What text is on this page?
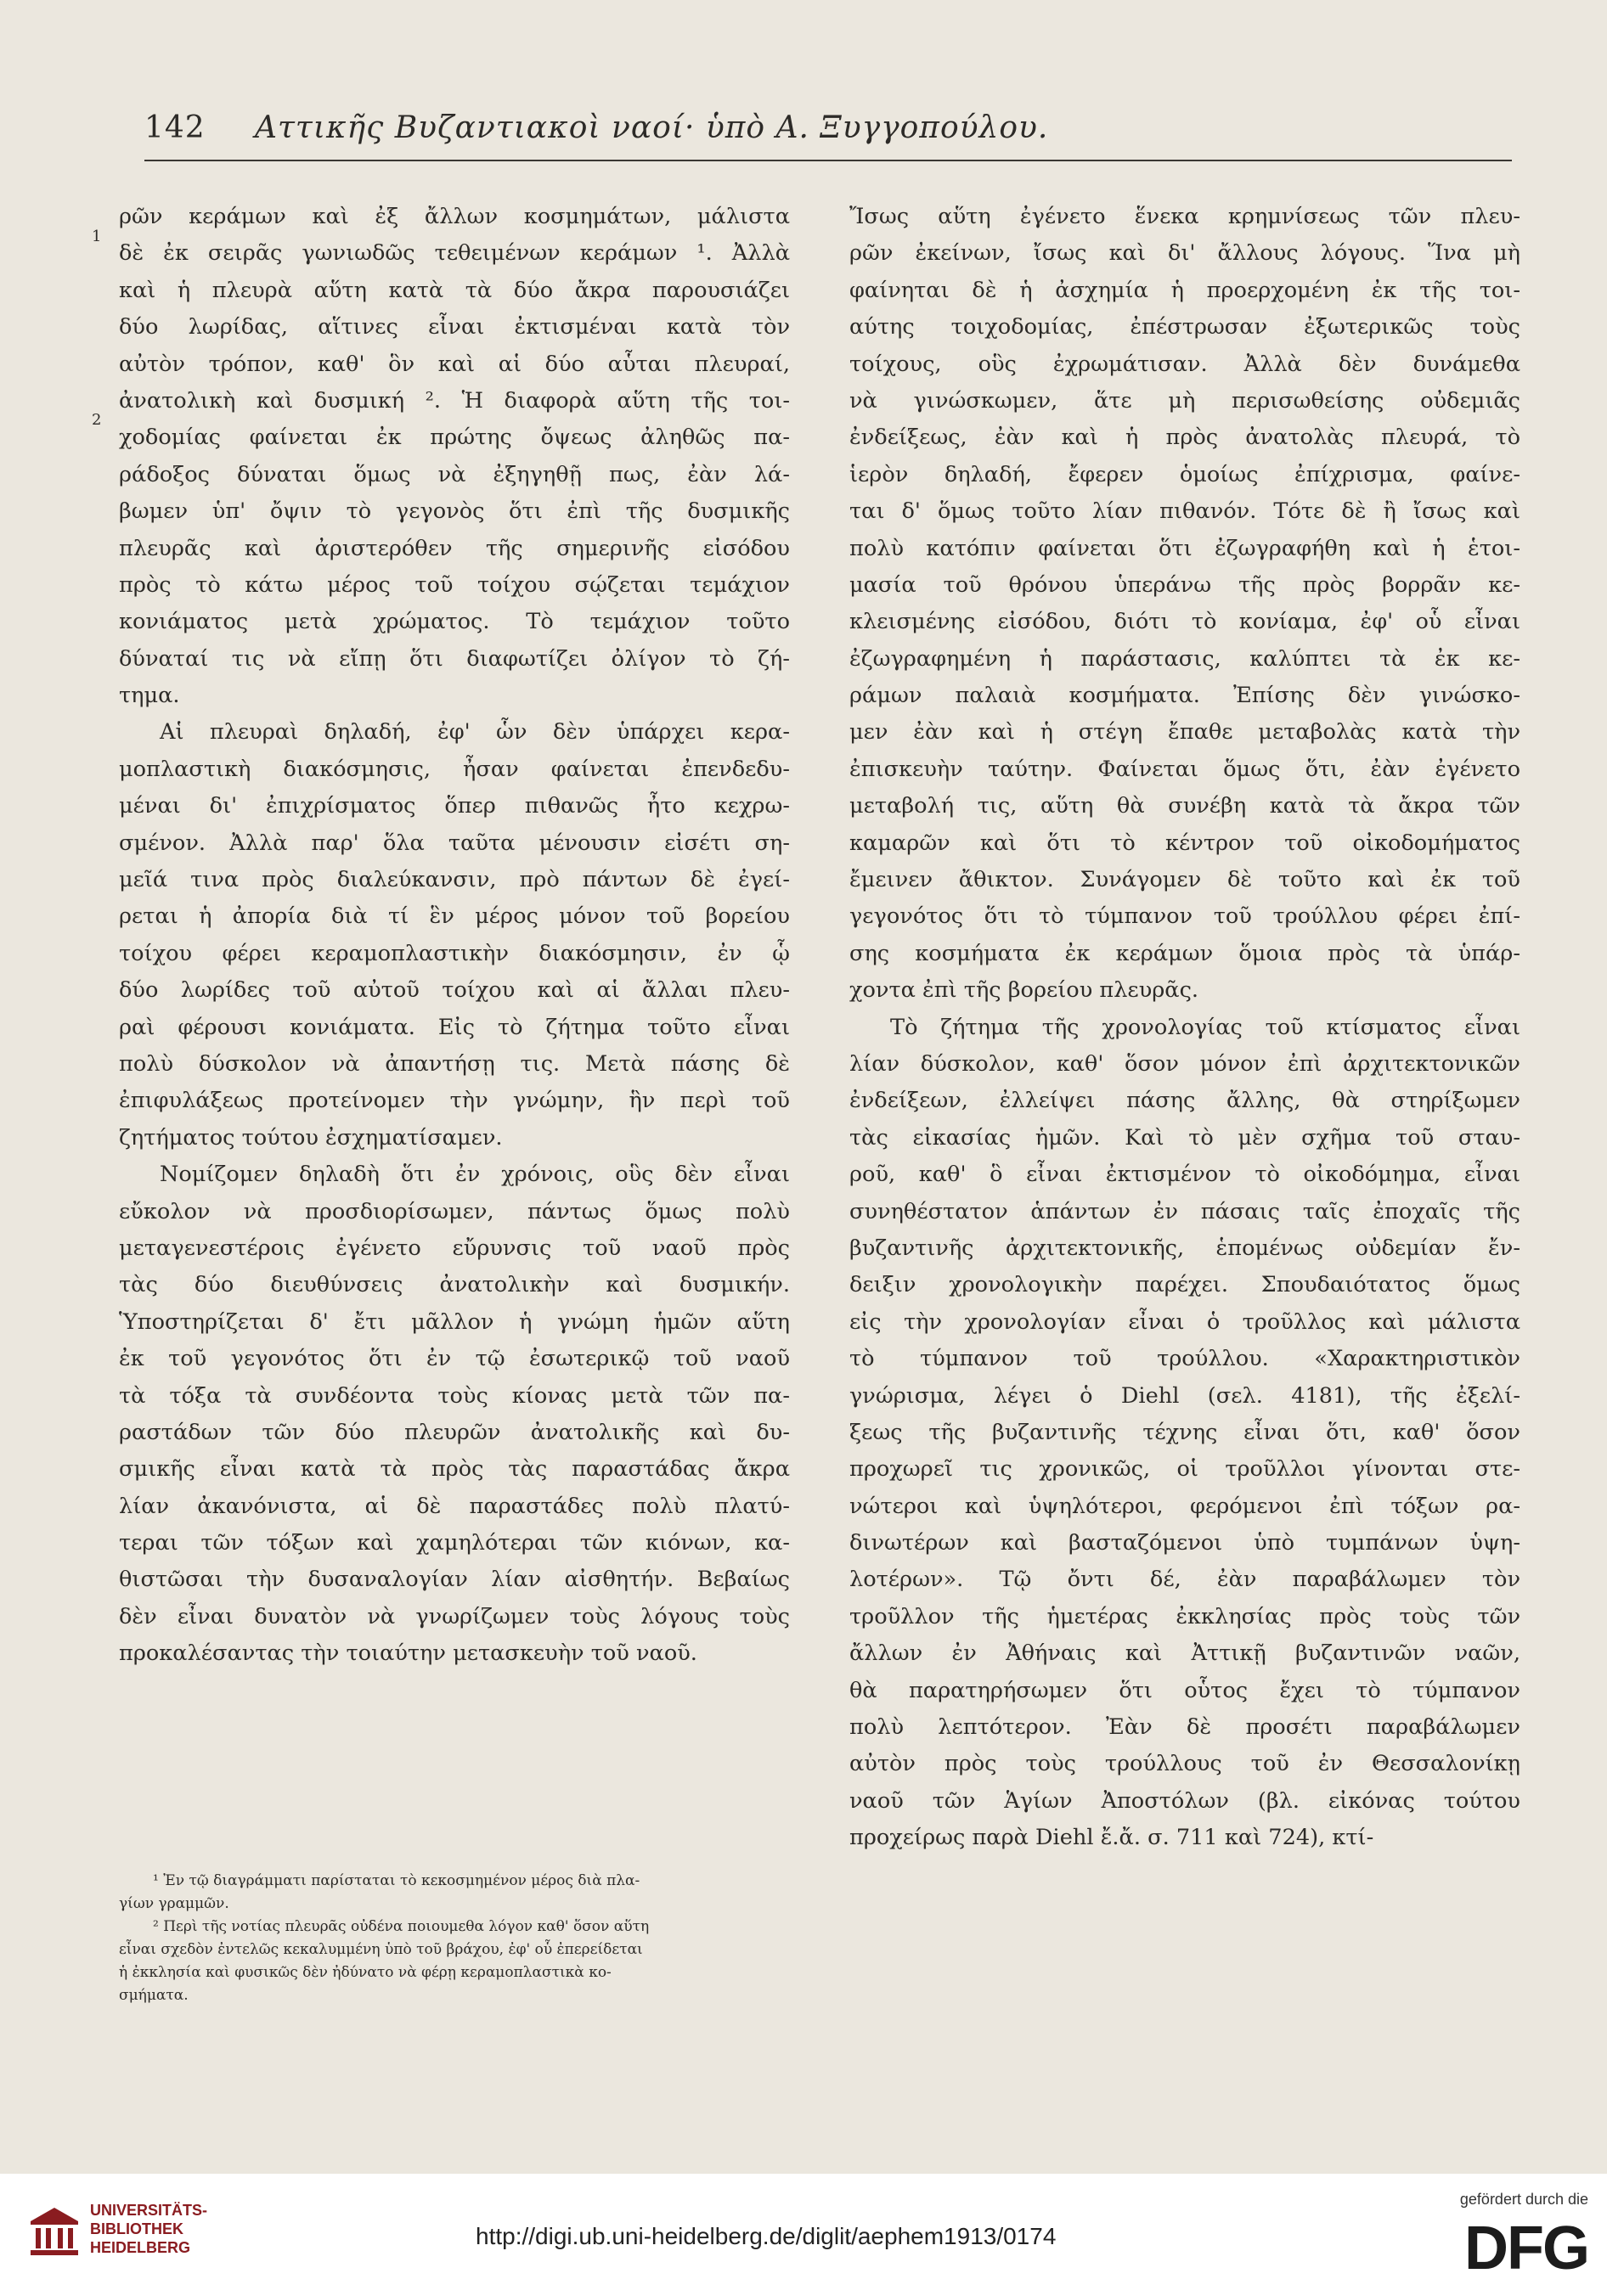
142 Αττικῆς Βυζαντιακοὶ ναοί· ὑπὸ Α. Ξυγγοπούλου.
ρῶν κεράμων καὶ ἐξ ἄλλων κοσμημάτων, μάλιστα
δὲ ἐκ σειρᾶς γωνιωδῶς τεθειμένων κεράμων ¹. Ἀλλὰ
καὶ ἡ πλευρὰ αὕτη κατὰ τὰ δύο ἄκρα παρουσιάζει
δύο λωρίδας, αἵτινες εἶναι ἐκτισμέναι κατὰ τὸν
αὐτὸν τρόπον, καθ' ὃν καὶ αἱ δύο αὗται πλευραί,
ἀνατολικὴ καὶ δυσμική ². Ἡ διαφορὰ αὕτη τῆς τοι-
χοδομίας φαίνεται ἐκ πρώτης ὄψεως ἀληθῶς πα-
ράδοξος δύναται ὅμως νὰ ἐξηγηθῇ πως, ἐὰν λά-
βωμεν ὑπ' ὄψιν τὸ γεγονὸς ὅτι ἐπὶ τῆς δυσμικῆς
πλευρᾶς καὶ ἀριστερόθεν τῆς σημερινῆς εἰσόδου
πρὸς τὸ κάτω μέρος τοῦ τοίχου σῴζεται τεμάχιον
κονιάματος μετὰ χρώματος. Τὸ τεμάχιον τοῦτο
δύναταί τις νὰ εἴπῃ ὅτι διαφωτίζει ὀλίγον τὸ ζή-
τημα.
Αἱ πλευραὶ δηλαδή, ἐφ' ὧν δὲν ὑπάρχει κερα-
μοπλαστικὴ διακόσμησις, ἦσαν φαίνεται ἐπενδεδυ-
μέναι δι' ἐπιχρίσματος ὅπερ πιθανῶς ἦτο κεχρω-
σμένον. Ἀλλὰ παρ' ὅλα ταῦτα μένουσιν εἰσέτι ση-
μεῖά τινα πρὸς διαλεύκανσιν, πρὸ πάντων δὲ ἐγεί-
ρεται ἡ ἀπορία διὰ τί ἓν μέρος μόνον τοῦ βορείου
τοίχου φέρει κεραμοπλαστικὴν διακόσμησιν, ἐν ᾧ
δύο λωρίδες τοῦ αὐτοῦ τοίχου καὶ αἱ ἄλλαι πλευ-
ραὶ φέρουσι κονιάματα. Εἰς τὸ ζήτημα τοῦτο εἶναι
πολὺ δύσκολον νὰ ἀπαντήσῃ τις. Μετὰ πάσης δὲ
ἐπιφυλάξεως προτείνομεν τὴν γνώμην, ἣν περὶ τοῦ
ζητήματος τούτου ἐσχηματίσαμεν.
Νομίζομεν δηλαδὴ ὅτι ἐν χρόνοις, οὓς δὲν εἶναι
εὔκολον νὰ προσδιορίσωμεν, πάντως ὅμως πολὺ
μεταγενεστέροις ἐγένετο εὔρυνσις τοῦ ναοῦ πρὸς
τὰς δύο διευθύνσεις ἀνατολικὴν καὶ δυσμικήν.
Ὑποστηρίζεται δ' ἔτι μᾶλλον ἡ γνώμη ἡμῶν αὕτη
ἐκ τοῦ γεγονότος ὅτι ἐν τῷ ἐσωτερικῷ τοῦ ναοῦ
τὰ τόξα τὰ συνδέοντα τοὺς κίονας μετὰ τῶν πα-
ραστάδων τῶν δύο πλευρῶν ἀνατολικῆς καὶ δυ-
σμικῆς εἶναι κατὰ τὰ πρὸς τὰς παραστάδας ἄκρα
λίαν ἀκανόνιστα, αἱ δὲ παραστάδες πολὺ πλατύ-
τεραι τῶν τόξων καὶ χαμηλότεραι τῶν κιόνων, κα-
θιστῶσαι τὴν δυσαναλογίαν λίαν αἰσθητήν. Βεβαίως
δὲν εἶναι δυνατὸν νὰ γνωρίζωμεν τοὺς λόγους τοὺς
προκαλέσαντας τὴν τοιαύτην μετασκευὴν τοῦ ναοῦ.
1
2
Ἴσως αὕτη ἐγένετο ἕνεκα κρημνίσεως τῶν πλευ-
ρῶν ἐκείνων, ἴσως καὶ δι' ἄλλους λόγους. Ἵνα μὴ
φαίνηται δὲ ἡ ἀσχημία ἡ προερχομένη ἐκ τῆς τοι-
αύτης τοιχοδομίας, ἐπέστρωσαν ἐξωτερικῶς τοὺς
τοίχους, οὓς ἐχρωμάτισαν. Ἀλλὰ δὲν δυνάμεθα
νὰ γινώσκωμεν, ἅτε μὴ περισωθείσης οὐδεμιᾶς
ἐνδείξεως, ἐὰν καὶ ἡ πρὸς ἀνατολὰς πλευρά, τὸ
ἱερὸν δηλαδή, ἔφερεν ὁμοίως ἐπίχρισμα, φαίνε-
ται δ' ὅμως τοῦτο λίαν πιθανόν. Τότε δὲ ἢ ἴσως καὶ
πολὺ κατόπιν φαίνεται ὅτι ἐζωγραφήθη καὶ ἡ ἑτοι-
μασία τοῦ θρόνου ὑπεράνω τῆς πρὸς βορρᾶν κε-
κλεισμένης εἰσόδου, διότι τὸ κονίαμα, ἐφ' οὗ εἶναι
ἐζωγραφημένη ἡ παράστασις, καλύπτει τὰ ἐκ κε-
ράμων παλαιὰ κοσμήματα. Ἐπίσης δὲν γινώσκο-
μεν ἐὰν καὶ ἡ στέγη ἔπαθε μεταβολὰς κατὰ τὴν
ἐπισκευὴν ταύτην. Φαίνεται ὅμως ὅτι, ἐὰν ἐγένετο
μεταβολή τις, αὕτη θὰ συνέβη κατὰ τὰ ἄκρα τῶν
καμαρῶν καὶ ὅτι τὸ κέντρον τοῦ οἰκοδομήματος
ἔμεινεν ἄθικτον. Συνάγομεν δὲ τοῦτο καὶ ἐκ τοῦ
γεγονότος ὅτι τὸ τύμπανον τοῦ τρούλλου φέρει ἐπί-
σης κοσμήματα ἐκ κεράμων ὅμοια πρὸς τὰ ὑπάρ-
χοντα ἐπὶ τῆς βορείου πλευρᾶς.
Τὸ ζήτημα τῆς χρονολογίας τοῦ κτίσματος εἶναι
λίαν δύσκολον, καθ' ὅσον μόνον ἐπὶ ἀρχιτεκτονικῶν
ἐνδείξεων, ἐλλείψει πάσης ἄλλης, θὰ στηρίξωμεν
τὰς εἰκασίας ἡμῶν. Καὶ τὸ μὲν σχῆμα τοῦ σταυ-
ροῦ, καθ' ὃ εἶναι ἐκτισμένον τὸ οἰκοδόμημα, εἶναι
συνηθέστατον ἁπάντων ἐν πάσαις ταῖς ἐποχαῖς τῆς
βυζαντινῆς ἀρχιτεκτονικῆς, ἑπομένως οὐδεμίαν ἔν-
δειξιν χρονολογικὴν παρέχει. Σπουδαιότατος ὅμως
εἰς τὴν χρονολογίαν εἶναι ὁ τροῦλλος καὶ μάλιστα
τὸ τύμπανον τοῦ τρούλλου. «Χαρακτηριστικὸν
γνώρισμα, λέγει ὁ Diehl (σελ. 4181), τῆς ἐξελί-
ξεως τῆς βυζαντινῆς τέχνης εἶναι ὅτι, καθ' ὅσον
προχωρεῖ τις χρονικῶς, οἱ τροῦλλοι γίνονται στε-
νώτεροι καὶ ὑψηλότεροι, φερόμενοι ἐπὶ τόξων ρα-
δινωτέρων καὶ βασταζόμενοι ὑπὸ τυμπάνων ὑψη-
λοτέρων». Τῷ ὄντι δέ, ἐὰν παραβάλωμεν τὸν
τροῦλλον τῆς ἡμετέρας ἐκκλησίας πρὸς τοὺς τῶν
ἄλλων ἐν Ἀθήναις καὶ Ἀττικῇ βυζαντινῶν ναῶν,
θὰ παρατηρήσωμεν ὅτι οὗτος ἔχει τὸ τύμπανον
πολὺ λεπτότερον. Ἐὰν δὲ προσέτι παραβάλωμεν
αὐτὸν πρὸς τοὺς τρούλλους τοῦ ἐν Θεσσαλονίκῃ
ναοῦ τῶν Ἁγίων Ἀποστόλων (βλ. εἰκόνας τούτου
προχείρως παρὰ Diehl ἔ.ἄ. σ. 711 καὶ 724), κτί-
¹ Ἐν τῷ διαγράμματι παρίσταται τὸ κεκοσμημένον μέρος διὰ πλα-
γίων γραμμῶν.
² Περὶ τῆς νοτίας πλευρᾶς οὐδένα ποιουμεθα λόγον καθ' ὅσον αὕτη
εἶναι σχεδὸν ἐντελῶς κεκαλυμμένη ὑπὸ τοῦ βράχου, ἐφ' οὗ ἐπερείδεται
ἡ ἐκκλησία καὶ φυσικῶς δὲν ἠδύνατο νὰ φέρῃ κεραμοπλαστικὰ κο-
σμήματα.
UNIVERSITÄTS-
BIBLIOTHEK
HEIDELBERG	http://digi.ub.uni-heidelberg.de/diglit/aephem1913/0174
gefördert durch die
DFG
